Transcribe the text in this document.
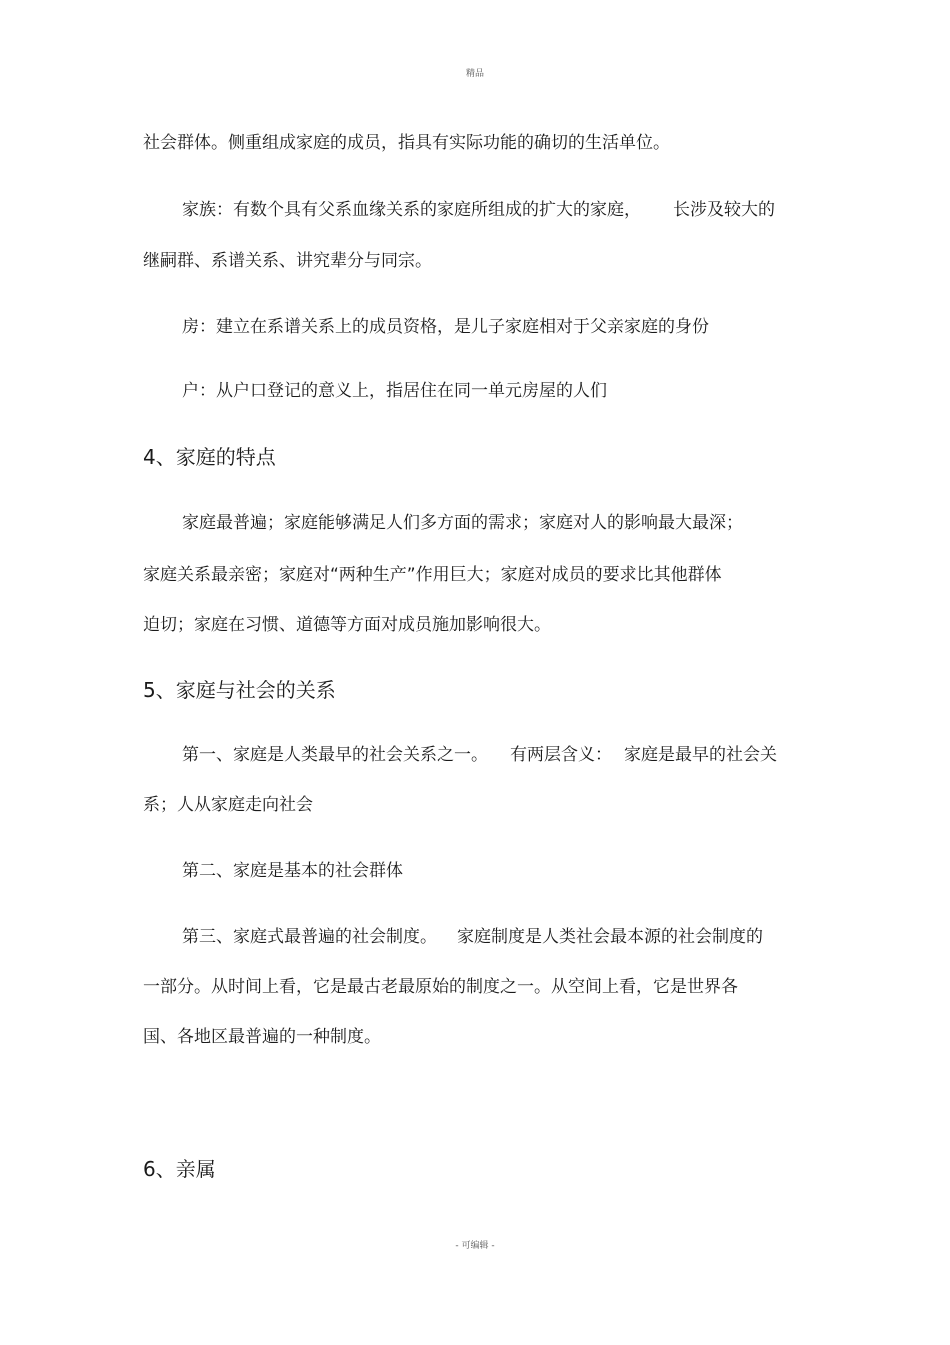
精品
社会群体。侧重组成家庭的成员，指具有实际功能的确切的生活单位。
家族：有数个具有父系血缘关系的家庭所组成的扩大的家庭， 长涉及较大的
继嗣群、系谱关系、讲究辈分与同宗。
房：建立在系谱关系上的成员资格，是儿子家庭相对于父亲家庭的身份
户：从户口登记的意义上，指居住在同一单元房屋的人们
4、家庭的特点
家庭最普遍；家庭能够满足人们多方面的需求；家庭对人的影响最大最深；
家庭关系最亲密；家庭对“两种生产”作用巨大；家庭对成员的要求比其他群体
迫切；家庭在习惯、道德等方面对成员施加影响很大。
5、家庭与社会的关系
第一、家庭是人类最早的社会关系之一。 有两层含义： 家庭是最早的社会关
系；人从家庭走向社会
第二、家庭是基本的社会群体
第三、家庭式最普遍的社会制度。 家庭制度是人类社会最本源的社会制度的
一部分。从时间上看，它是最古老最原始的制度之一。从空间上看，它是世界各
国、各地区最普遍的一种制度。
6、亲属
- 可编辑 -
